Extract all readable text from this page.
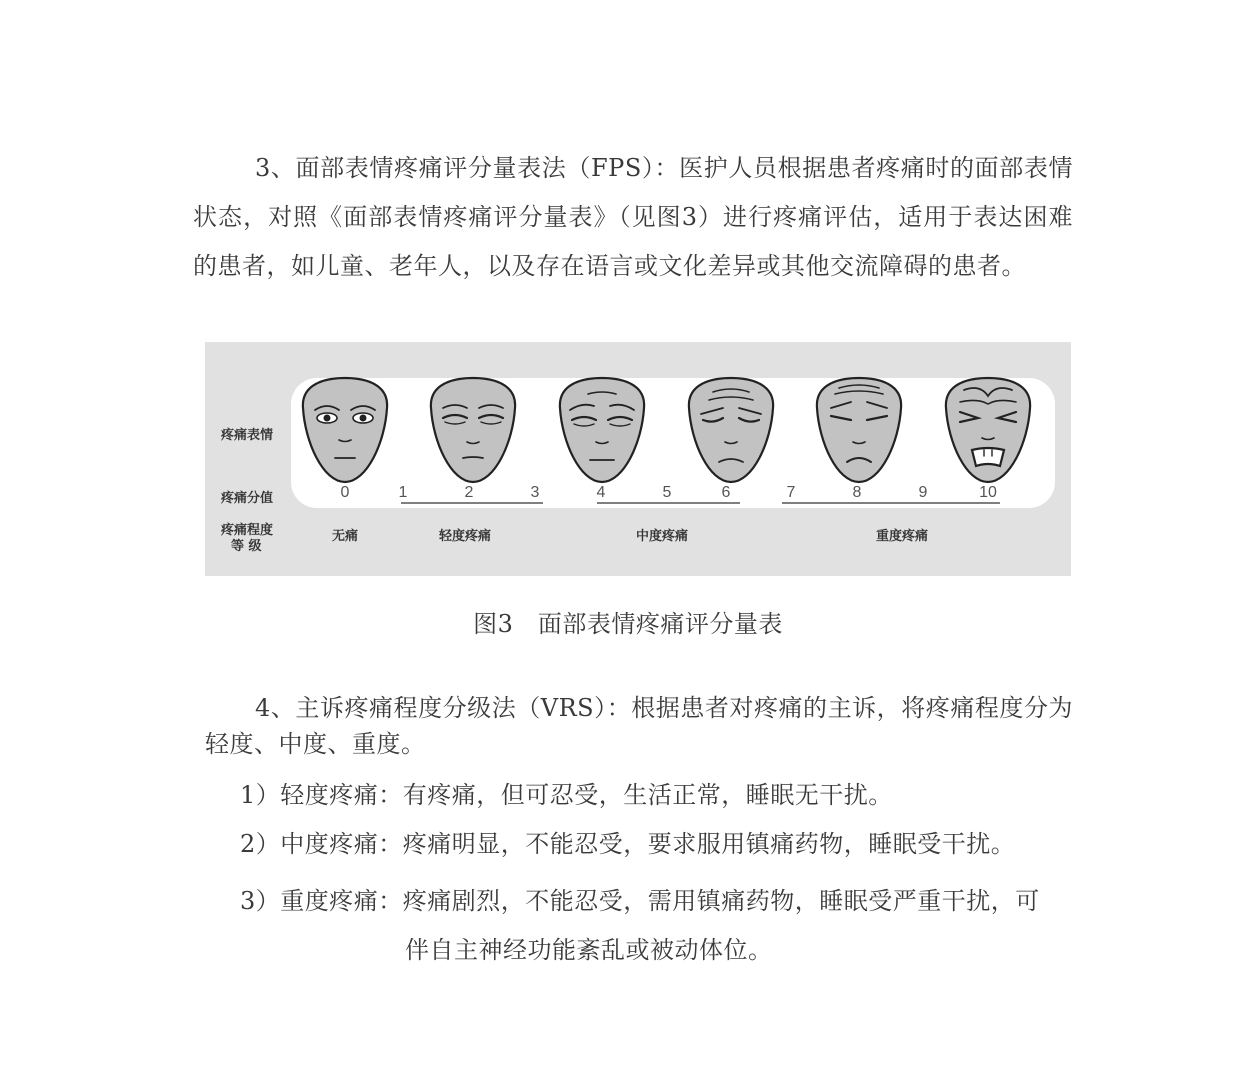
3、面部表情疼痛评分量表法（FPS）：医护人员根据患者疼痛时的面部表情状态，对照《面部表情疼痛评分量表》（见图3）进行疼痛评估，适用于表达困难的患者，如儿童、老年人，以及存在语言或文化差异或其他交流障碍的患者。

疼痛表情
疼痛分值
疼痛程度
等 级
0	1	2	3	4	5	6	7	8	9	10
无痛	轻度疼痛	中度疼痛	重度疼痛
图3　面部表情疼痛评分量表

4、主诉疼痛程度分级法（VRS）：根据患者对疼痛的主诉，将疼痛程度分为轻度、中度、重度。

1）轻度疼痛：有疼痛，但可忍受，生活正常，睡眠无干扰。
2）中度疼痛：疼痛明显，不能忍受，要求服用镇痛药物，睡眠受干扰。
3）重度疼痛：疼痛剧烈，不能忍受，需用镇痛药物，睡眠受严重干扰，可
伴自主神经功能紊乱或被动体位。
